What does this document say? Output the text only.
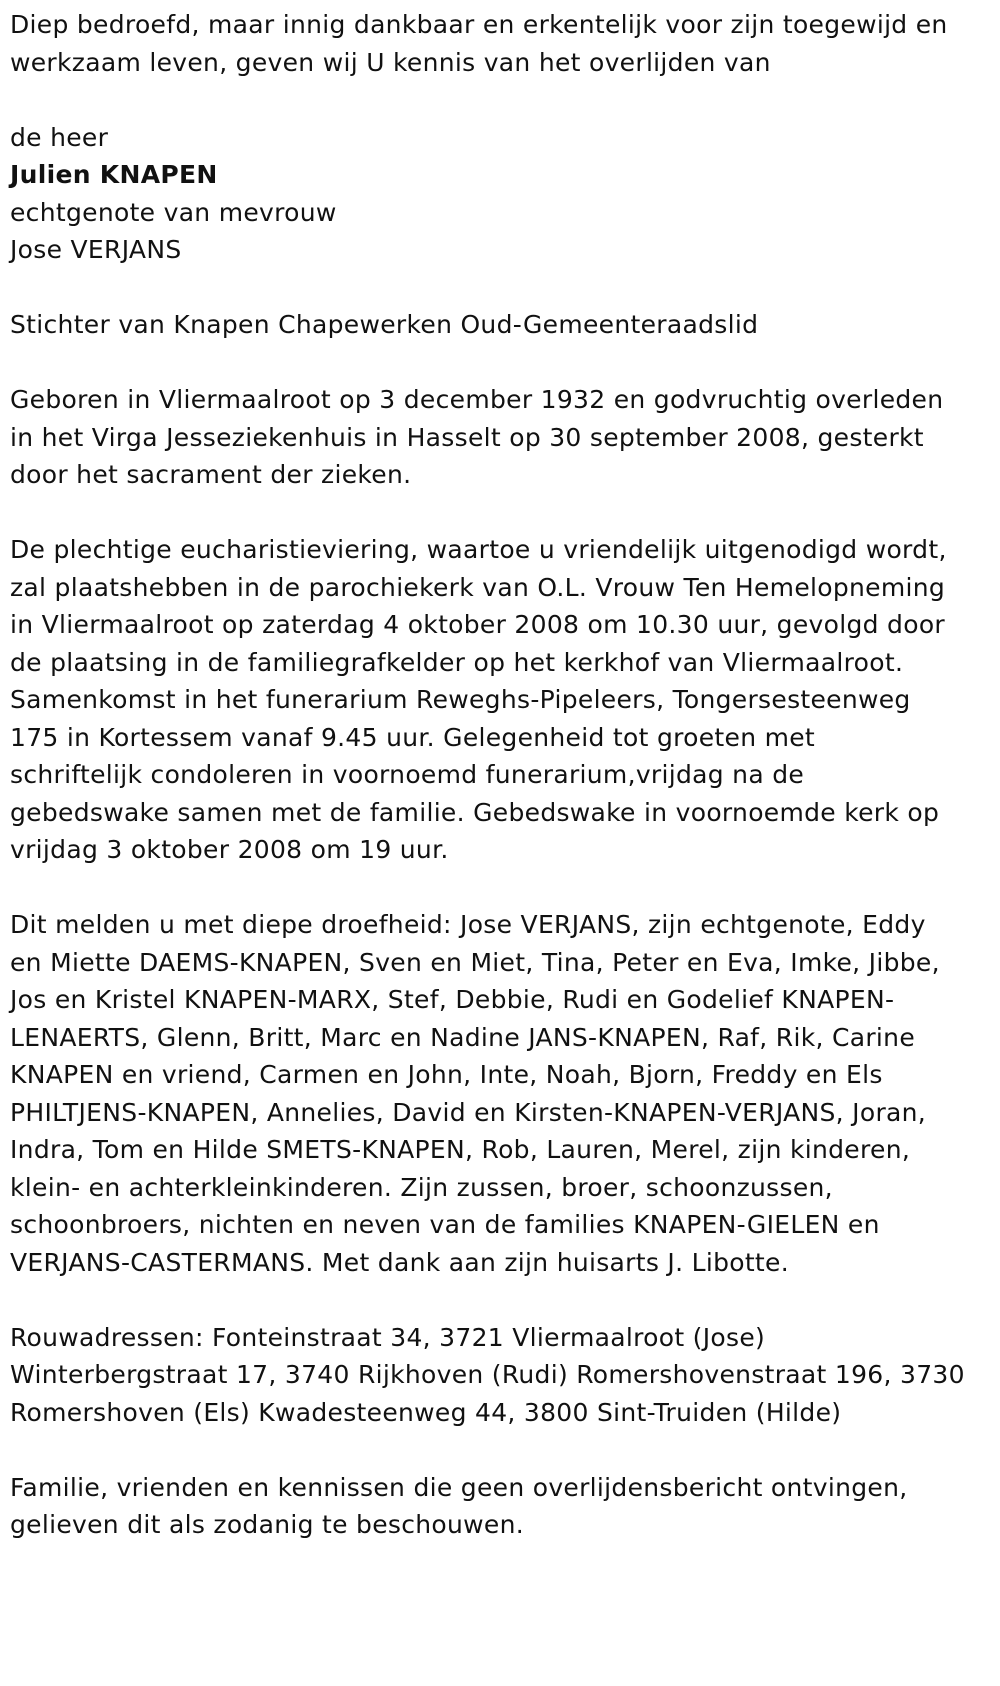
Diep bedroefd, maar innig dankbaar en erkentelijk voor zijn toegewijd en
werkzaam leven, geven wij U kennis van het overlijden van

de heer

Julien KNAPEN

echtgenote van mevrouw

Jose VERJANS

Stichter van Knapen Chapewerken Oud-Gemeenteraadslid

Geboren in Vliermaalroot op 3 december 1932 en godvruchtig overleden
in het Virga Jesseziekenhuis in Hasselt op 30 september 2008, gesterkt
door het sacrament der zieken.

De plechtige eucharistieviering, waartoe u vriendelijk uitgenodigd wordt,
zal plaatshebben in de parochiekerk van O.L. Vrouw Ten Hemelopneming
in Vliermaalroot op zaterdag 4 oktober 2008 om 10.30 uur, gevolgd door
de plaatsing in de familiegrafkelder op het kerkhof van Vliermaalroot.
Samenkomst in het funerarium Reweghs-Pipeleers, Tongersesteenweg
175 in Kortessem vanaf 9.45 uur. Gelegenheid tot groeten met
schriftelijk condoleren in voornoemd funerarium,vrijdag na de
gebedswake samen met de familie. Gebedswake in voornoemde kerk op
vrijdag 3 oktober 2008 om 19 uur.

Dit melden u met diepe droefheid: Jose VERJANS, zijn echtgenote, Eddy
en Miette DAEMS-KNAPEN, Sven en Miet, Tina, Peter en Eva, Imke, Jibbe,
Jos en Kristel KNAPEN-MARX, Stef, Debbie, Rudi en Godelief KNAPEN-
LENAERTS, Glenn, Britt, Marc en Nadine JANS-KNAPEN, Raf, Rik, Carine
KNAPEN en vriend, Carmen en John, Inte, Noah, Bjorn, Freddy en Els
PHILTJENS-KNAPEN, Annelies, David en Kirsten-KNAPEN-VERJANS, Joran,
Indra, Tom en Hilde SMETS-KNAPEN, Rob, Lauren, Merel, zijn kinderen,
klein- en achterkleinkinderen. Zijn zussen, broer, schoonzussen,
schoonbroers, nichten en neven van de families KNAPEN-GIELEN en
VERJANS-CASTERMANS. Met dank aan zijn huisarts J. Libotte.

Rouwadressen: Fonteinstraat 34, 3721 Vliermaalroot (Jose)
Winterbergstraat 17, 3740 Rijkhoven (Rudi) Romershovenstraat 196, 3730
Romershoven (Els) Kwadesteenweg 44, 3800 Sint-Truiden (Hilde)

Familie, vrienden en kennissen die geen overlijdensbericht ontvingen,
gelieven dit als zodanig te beschouwen.
